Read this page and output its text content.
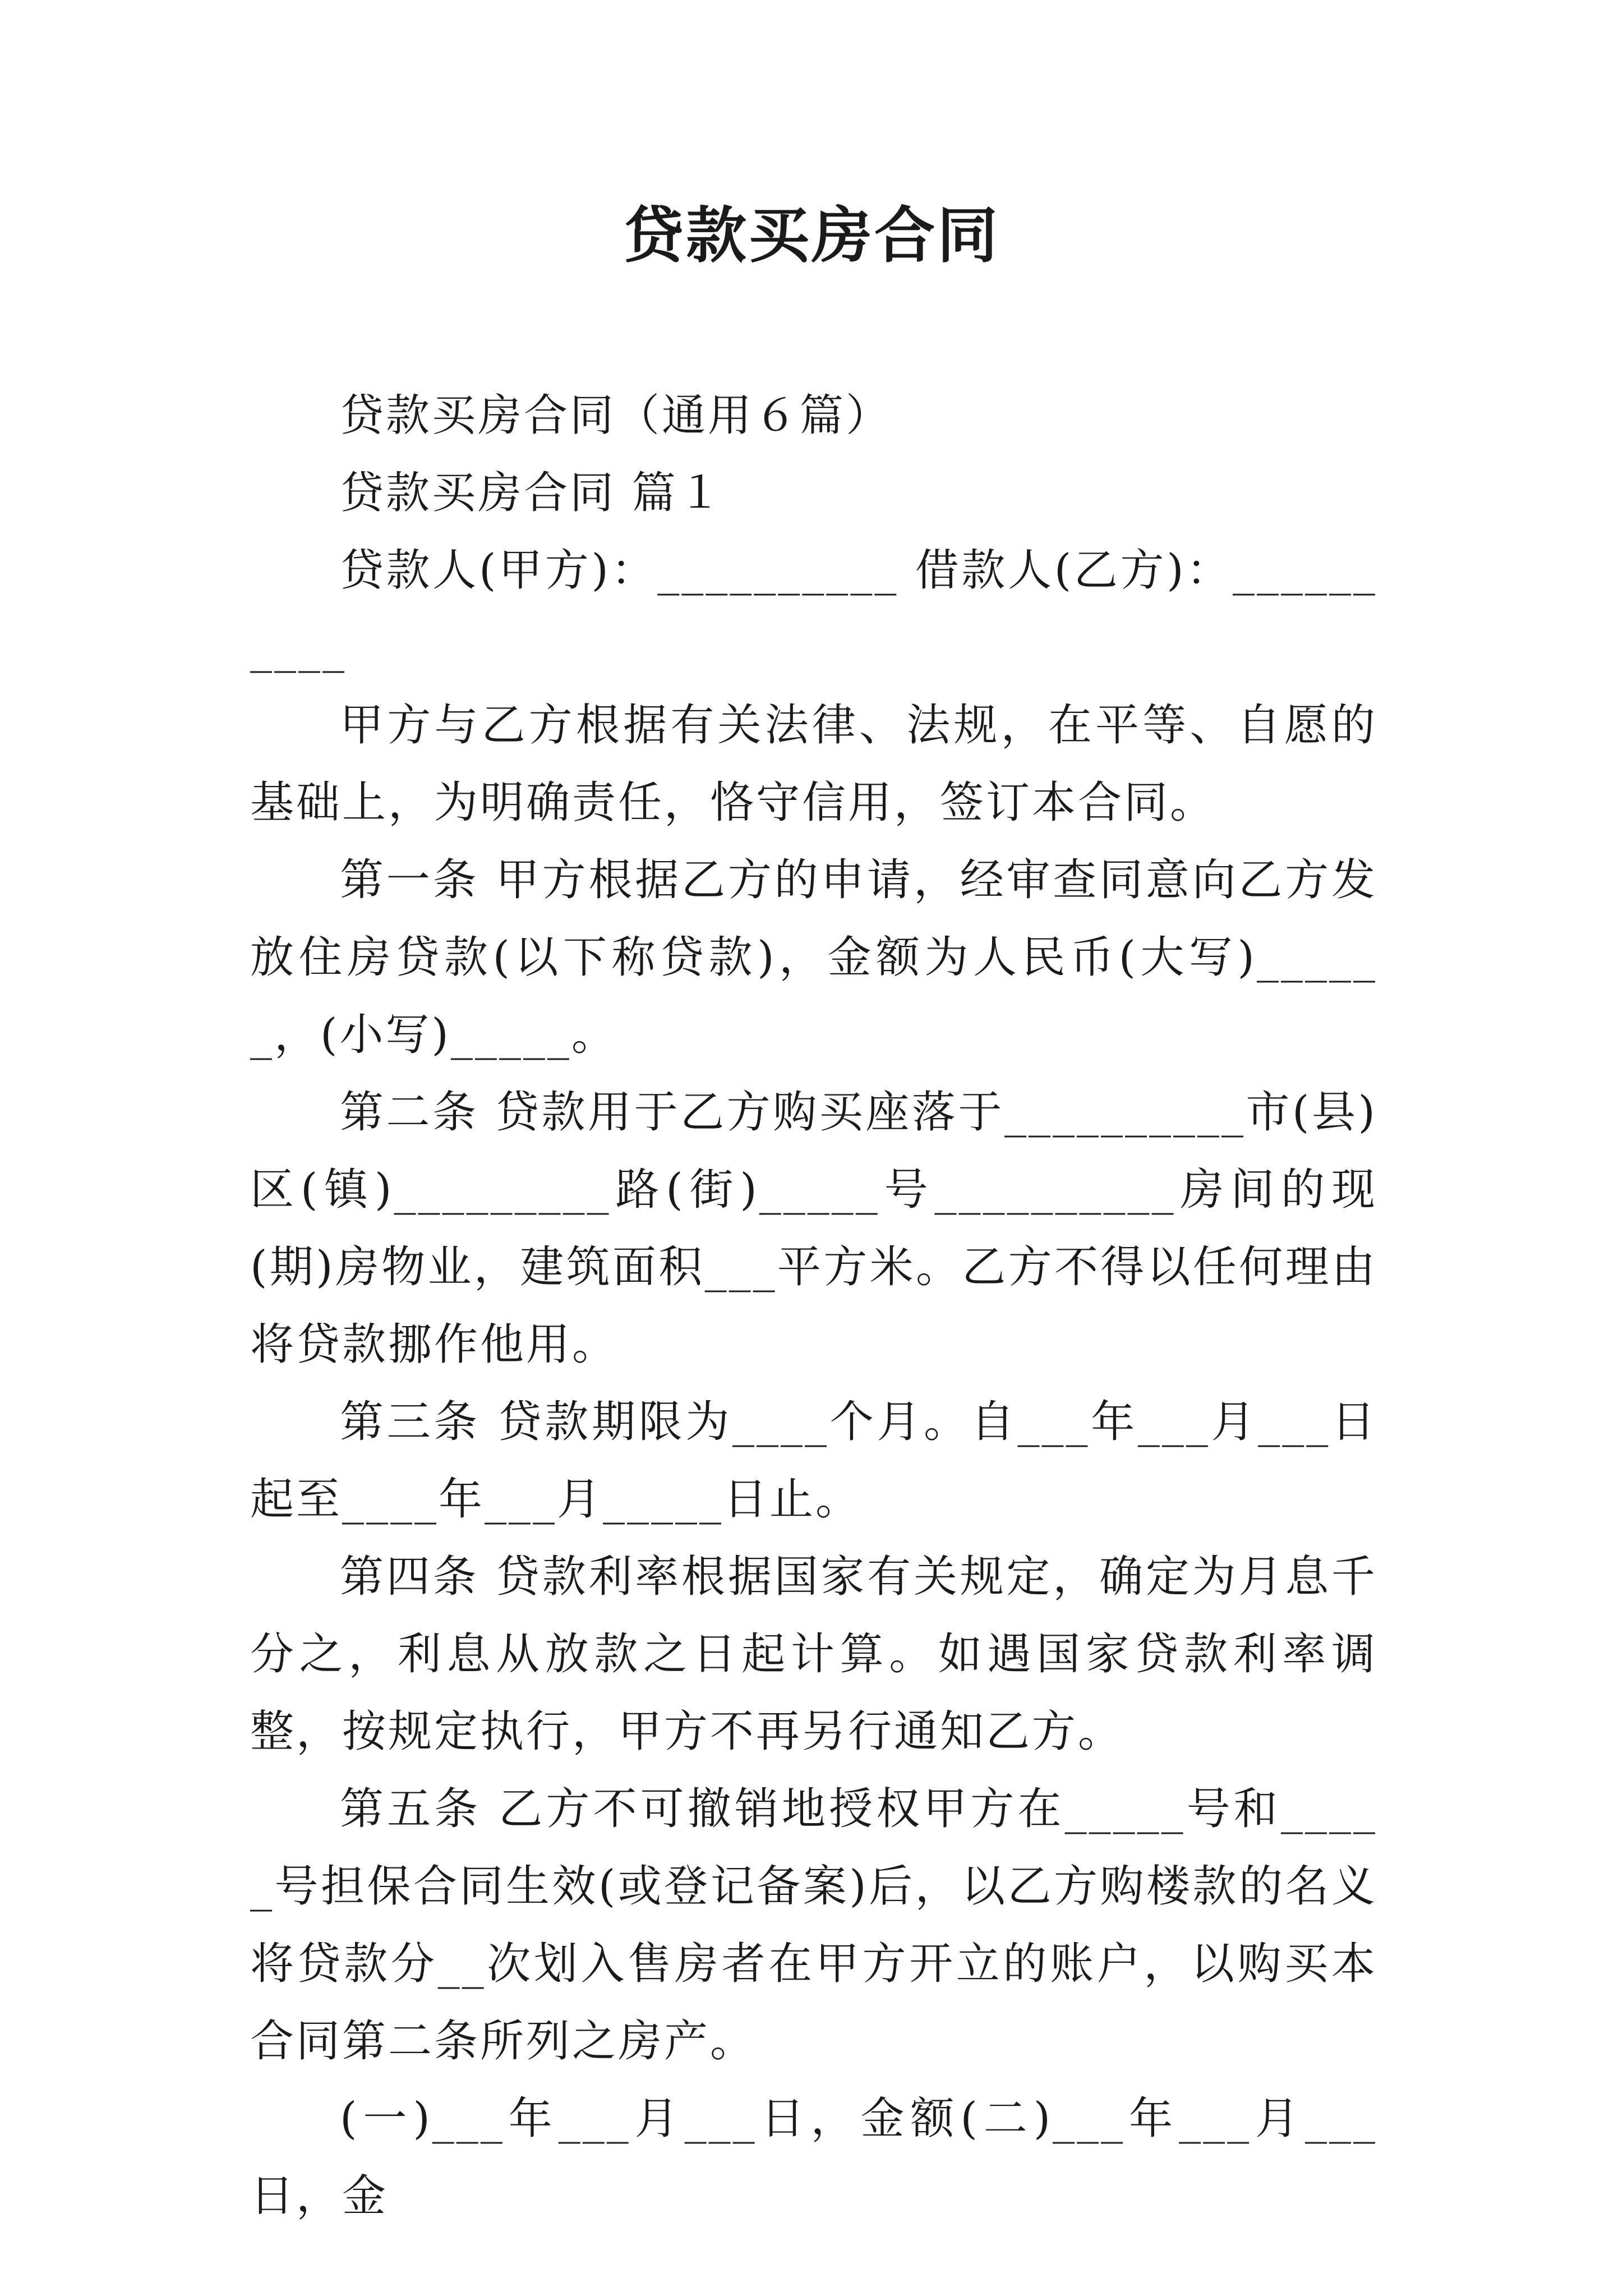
贷款买房合同

贷款买房合同（通用６篇）

贷款买房合同 篇１

贷款人(甲方)：__________ 借款人(乙方)：__________

甲方与乙方根据有关法律、法规，在平等、自愿的基础上，为明确责任，恪守信用，签订本合同。

第一条 甲方根据乙方的申请，经审查同意向乙方发放住房贷款(以下称贷款)，金额为人民币(大写)______，(小写)_____。

第二条 贷款用于乙方购买座落于__________市(县)区(镇)_________路(街)_____号__________房间的现(期)房物业，建筑面积___平方米。乙方不得以任何理由将贷款挪作他用。

第三条 贷款期限为____个月。自___年___月___日起至____年___月_____日止。

第四条 贷款利率根据国家有关规定，确定为月息千分之，利息从放款之日起计算。如遇国家贷款利率调整，按规定执行，甲方不再另行通知乙方。

第五条 乙方不可撤销地授权甲方在_____号和_____号担保合同生效(或登记备案)后，以乙方购楼款的名义将贷款分__次划入售房者在甲方开立的账户，以购买本合同第二条所列之房产。

(一)___年___月___日，金额(二)___年___月___日，金
